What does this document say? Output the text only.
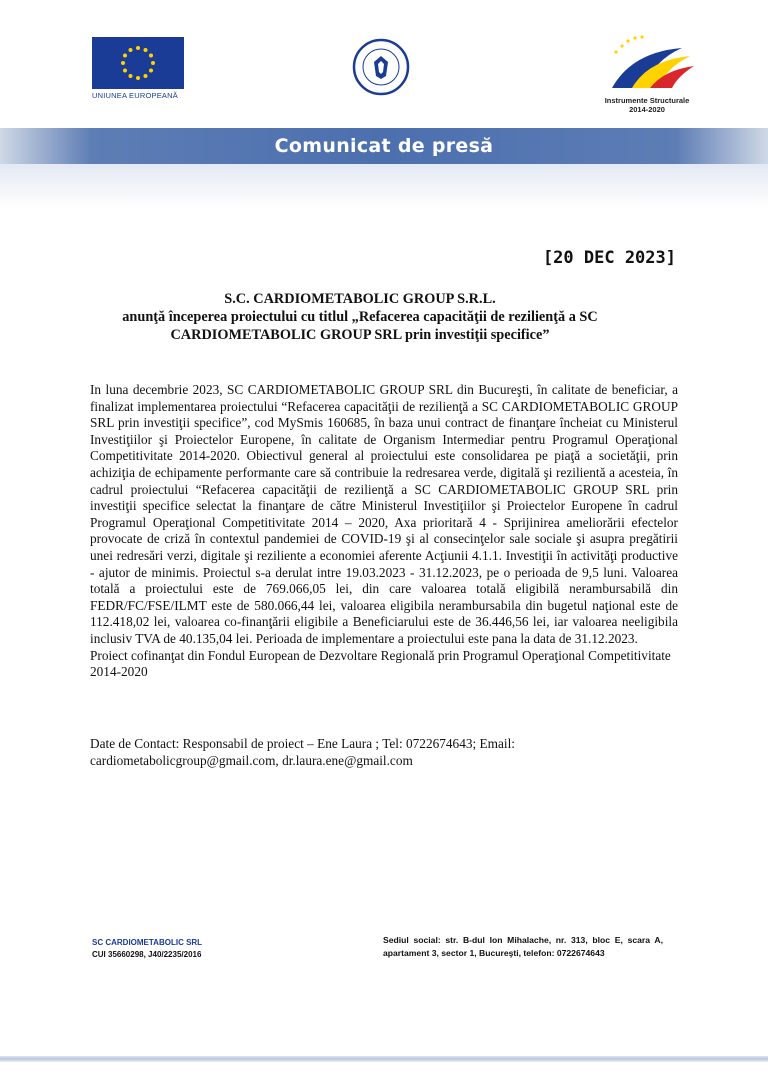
UNIUNEA EUROPEANĂ
Instrumente Structurale
2014-2020
Comunicat de presă
[20 DEC 2023]
S.C. CARDIOMETABOLIC GROUP S.R.L.
anunţă începerea proiectului cu titlul „Refacerea capacităţii de rezilienţă a SC
CARDIOMETABOLIC GROUP SRL prin investiţii specifice”

In luna decembrie 2023, SC CARDIOMETABOLIC GROUP SRL din Bucureşti, în calitate de beneficiar, a finalizat implementarea proiectului “Refacerea capacităţii de rezilienţă a SC CARDIOMETABOLIC GROUP SRL prin investiţii specifice”, cod MySmis 160685, în baza unui contract de finanţare încheiat cu Ministerul Investiţiilor şi Proiectelor Europene, în calitate de Organism Intermediar pentru Programul Operaţional Competitivitate 2014-2020. Obiectivul general al proiectului este consolidarea pe piaţă a societăţii, prin achiziţia de echipamente performante care să contribuie la redresarea verde, digitală şi rezilientă a acesteia, în cadrul proiectului “Refacerea capacităţii de rezilienţă a SC CARDIOMETABOLIC GROUP SRL prin investiţii specifice selectat la finanţare de către Ministerul Investiţiilor şi Proiectelor Europene în cadrul Programul Operaţional Competitivitate 2014 – 2020, Axa prioritară 4 - Sprijinirea ameliorării efectelor provocate de criză în contextul pandemiei de COVID-19 şi al consecinţelor sale sociale şi asupra pregătirii unei redresări verzi, digitale şi reziliente a economiei aferente Acţiunii 4.1.1. Investiţii în activităţi productive - ajutor de minimis. Proiectul s-a derulat intre 19.03.2023 - 31.12.2023, pe o perioada de 9,5 luni. Valoarea totală a proiectului este de 769.066,05 lei, din care valoarea totală eligibilă nerambursabilă din FEDR/FC/FSE/ILMT este de 580.066,44 lei, valoarea eligibila nerambursabila din bugetul naţional este de 112.418,02 lei, valoarea co-finanţării eligibile a Beneficiarului este de 36.446,56 lei, iar valoarea neeligibila inclusiv TVA de 40.135,04 lei. Perioada de implementare a proiectului este pana la data de 31.12.2023.

Proiect cofinanţat din Fondul European de Dezvoltare Regională prin Programul Operaţional Competitivitate 2014-2020

Date de Contact: Responsabil de proiect – Ene Laura ; Tel: 0722674643; Email:

cardiometabolicgroup@gmail.com, dr.laura.ene@gmail.com

SC CARDIOMETABOLIC SRL
CUI 35660298, J40/2235/2016
Sediul social: str. B-dul Ion Mihalache, nr. 313, bloc E, scara A, apartament 3, sector 1, Bucureşti, telefon: 0722674643
